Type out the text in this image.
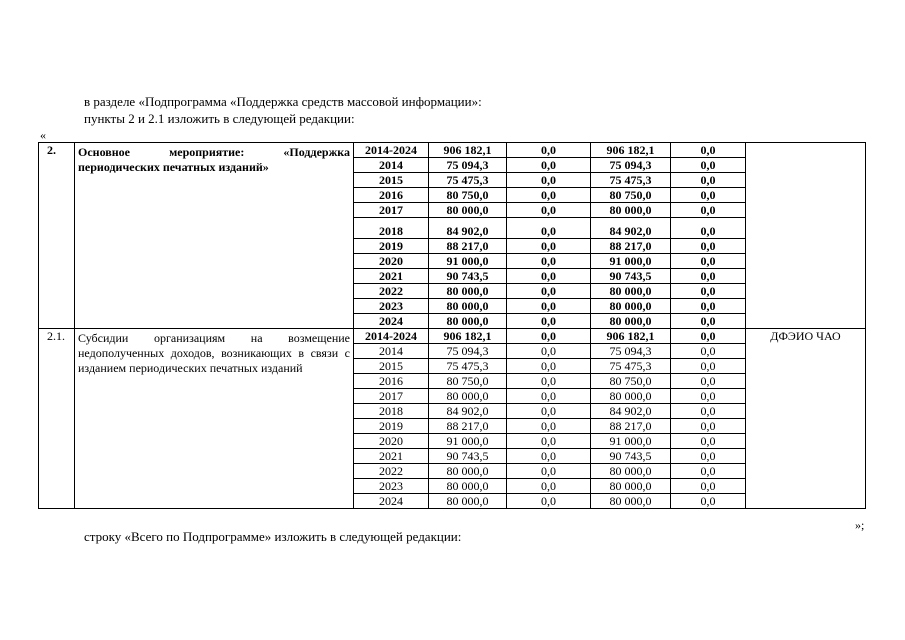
в разделе «Подпрограмма «Поддержка средств массовой информации»:
пункты 2 и 2.1 изложить в следующей редакции:
«
2.	Основное мероприятие: «Поддержка периодических печатных изданий»	2014-2024	906 182,1	0,0	906 182,1	0,0	
		2014	75 094,3	0,0	75 094,3	0,0	
		2015	75 475,3	0,0	75 475,3	0,0	
		2016	80 750,0	0,0	80 750,0	0,0	
		2017	80 000,0	0,0	80 000,0	0,0	
		2018	84 902,0	0,0	84 902,0	0,0	
		2019	88 217,0	0,0	88 217,0	0,0	
		2020	91 000,0	0,0	91 000,0	0,0	
		2021	90 743,5	0,0	90 743,5	0,0	
		2022	80 000,0	0,0	80 000,0	0,0	
		2023	80 000,0	0,0	80 000,0	0,0	
		2024	80 000,0	0,0	80 000,0	0,0	
2.1.	Субсидии организациям на возмещение недополученных доходов, возникающих в связи с изданием периодических печатных изданий	2014-2024	906 182,1	0,0	906 182,1	0,0	ДФЭИО ЧАО
		2014	75 094,3	0,0	75 094,3	0,0	
		2015	75 475,3	0,0	75 475,3	0,0	
		2016	80 750,0	0,0	80 750,0	0,0	
		2017	80 000,0	0,0	80 000,0	0,0	
		2018	84 902,0	0,0	84 902,0	0,0	
		2019	88 217,0	0,0	88 217,0	0,0	
		2020	91 000,0	0,0	91 000,0	0,0	
		2021	90 743,5	0,0	90 743,5	0,0	
		2022	80 000,0	0,0	80 000,0	0,0	
		2023	80 000,0	0,0	80 000,0	0,0	
		2024	80 000,0	0,0	80 000,0	0,0	
»;
строку «Всего по Подпрограмме» изложить в следующей редакции:
